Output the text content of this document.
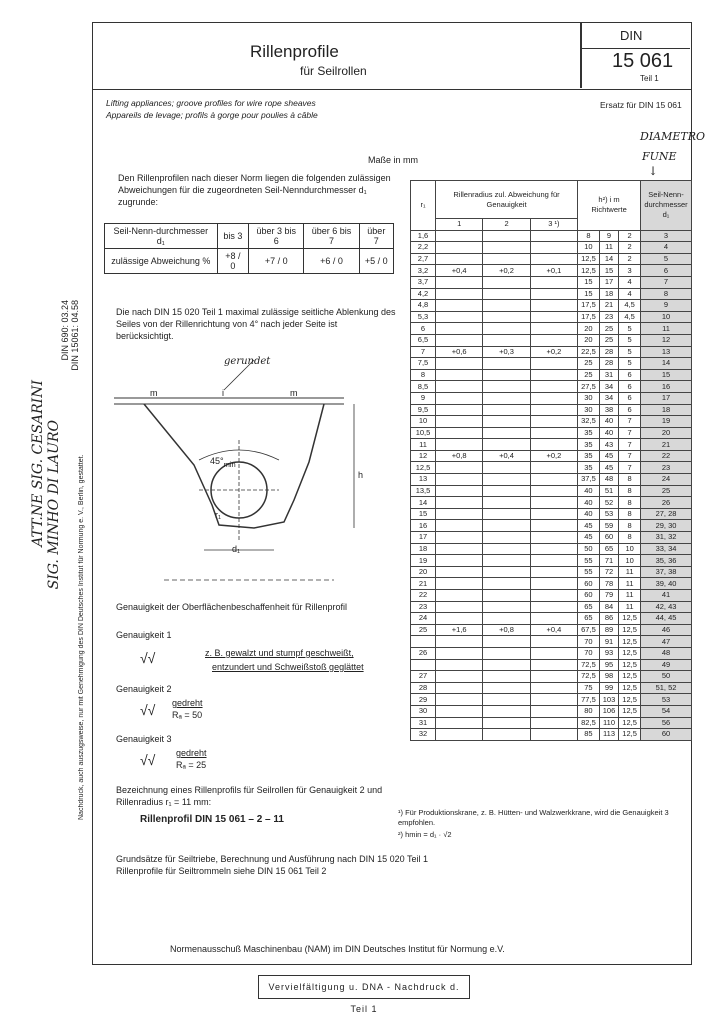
Rillenprofile
für Seilrollen
DIN
15 061
Teil 1
Lifting appliances; groove profiles for wire rope sheaves
Appareils de levage; profils à gorge pour poulies à câble
Ersatz für DIN 15 061
DIAMETRO
FUNE
↓
Maße in mm
Den Rillenprofilen nach dieser Norm liegen die folgenden zulässigen Abweichungen für die zugeordneten Seil-Nenndurchmesser d₁ zugrunde:
Seil-Nenn-durchmesser d₁	bis 3	über 3 bis 6	über 6 bis 7	über 7
zulässige Abweichung %	+8 / 0	+7 / 0	+6 / 0	+5 / 0
Die nach DIN 15 020 Teil 1 maximal zulässige seitliche Ablenkung des Seiles von der Rillenrichtung von 4° nach jeder Seite ist berücksichtigt.
gerundet
m	i	m
$45^\circ_{min}$
h
r₁
d₁
Genauigkeit der Oberflächenbeschaffenheit für Rillenprofil
Genauigkeit 1
√√	z. B. gewalzt und stumpf geschweißt,
entzundert und Schweißstoß geglättet
Genauigkeit 2
√√ gedreht
Rₐ = 50
Genauigkeit 3
√√ gedreht
Rₐ = 25
Bezeichnung eines Rillenprofils für Seilrollen für Genauigkeit 2 und Rillenradius r₁ = 11 mm:
Rillenprofil DIN 15 061 – 2 – 11
Grundsätze für Seiltriebe, Berechnung und Ausführung nach DIN 15 020 Teil 1
Rillenprofile für Seiltrommeln siehe DIN 15 061 Teil 2
r₁	Rillenradius zul. Abweichung für Genauigkeit			h²) i m Richtwerte			Seil-Nenn-durchmesser d₁
	1	2	3 ¹)				
1,6				8	9	2	3
2,2				10	11	2	4
2,7				12,5	14	2	5
3,2	+0,4	+0,2	+0,1	12,5	15	3	6
3,7				15	17	4	7
4,2				15	18	4	8
4,8				17,5	21	4,5	9
5,3				17,5	23	4,5	10
6				20	25	5	11
6,5				20	25	5	12
7	+0,6	+0,3	+0,2	22,5	28	5	13
7,5				25	28	5	14
8				25	31	6	15
8,5				27,5	34	6	16
9				30	34	6	17
9,5				30	38	6	18
10				32,5	40	7	19
10,5				35	40	7	20
11				35	43	7	21
12	+0,8	+0,4	+0,2	35	45	7	22
12,5				35	45	7	23
13				37,5	48	8	24
13,5				40	51	8	25
14				40	52	8	26
15				40	53	8	27, 28
16				45	59	8	29, 30
17				45	60	8	31, 32
18				50	65	10	33, 34
19				55	71	10	35, 36
20				55	72	11	37, 38
21				60	78	11	39, 40
22				60	79	11	41
23				65	84	11	42, 43
24				65	86	12,5	44, 45
25	+1,6	+0,8	+0,4	67,5	89	12,5	46
				70	91	12,5	47
26				70	93	12,5	48
				72,5	95	12,5	49
27				72,5	98	12,5	50
28				75	99	12,5	51, 52
29				77,5	103	12,5	53
30				80	106	12,5	54
31				82,5	110	12,5	56
32				85	113	12,5	60
¹) Für Produktionskrane, z. B. Hütten- und Walzwerkkrane, wird die Genauigkeit 3 empfohlen.
²) hmin = d₁ · √2
Normenausschuß Maschinenbau (NAM) im DIN Deutsches Institut für Normung e.V.
Vervielfältigung u. DNA - Nachdruck d. Teil 1
Nachdruck, auch auszugsweise, nur mit Genehmigung des DIN Deutsches Institut für Normung e. V., Berlin, gestattet.
DIN 690: 03.24 DIN 15061: 04.58
ATT.NE SIG. CESARINI SIG. MINHO DI LAURO
